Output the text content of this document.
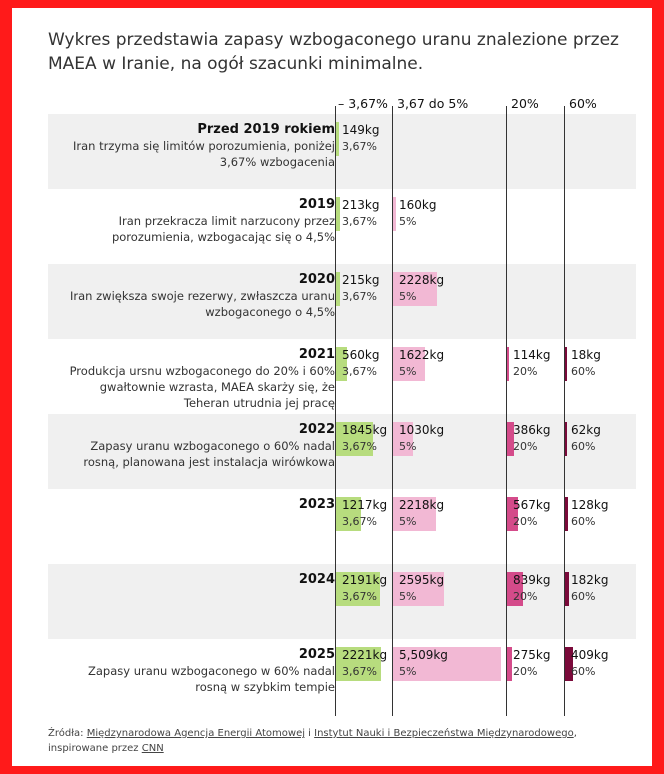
Wykres przedstawia zapasy wzbogaconego uranu znalezione przez MAEA w Iranie, na ogół szacunki minimalne.
– 3,67% 3,67 do 5%	20% 60%
Przed 2019 rokiem
Iran trzyma się limitów porozumienia, poniżej 3,67% wzbogacenia
149kg
3,67%
2019
Iran przekracza limit narzucony przez porozumienia, wzbogacając się o 4,5%
213kg
3,67%
160kg
5%
2020
Iran zwiększa swoje rezerwy, zwłaszcza uranu wzbogaconego o 4,5%
215kg
3,67%
2228kg
5%
2021
Produkcja ursnu wzbogaconego do 20% i 60% gwałtownie wzrasta, MAEA skarży się, że Teheran utrudnia jej pracę
560kg
3,67%
1622kg
5%
114kg
20%
18kg
60%
2022
Zapasy uranu wzbogaconego o 60% nadal rosną, planowana jest instalacja wirówkowa
1845kg
3,67%
1030kg
5%
386kg
20%
62kg
60%
2023 1217kg
3,67%
2218kg
5%
567kg
20%
128kg
60%
2024 2191kg
3,67%
2595kg
5%
839kg
20%
182kg
60%
2025
Zapasy uranu wzbogaconego w 60% nadal rosną w szybkim tempie
2221kg
3,67%
5,509kg
5%
275kg
20%
409kg
60%
Źródła: Międzynarodowa Agencja Energii Atomowej i Instytut Nauki i Bezpieczeństwa Międzynarodowego, inspirowane przez CNN
